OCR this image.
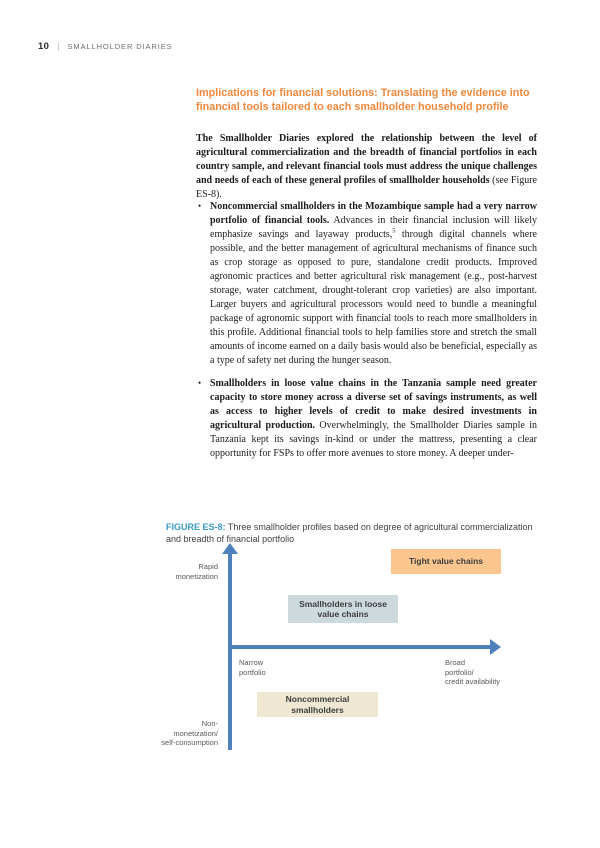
10 | SMALLHOLDER DIARIES
Implications for financial solutions: Translating the evidence into financial tools tailored to each smallholder household profile

The Smallholder Diaries explored the relationship between the level of agricultural commercialization and the breadth of financial portfolios in each country sample, and relevant financial tools must address the unique challenges and needs of each of these general profiles of smallholder households (see Figure ES-8).

• Noncommercial smallholders in the Mozambique sample had a very narrow portfolio of financial tools. Advances in their financial inclusion will likely emphasize savings and layaway products,$^5$ through digital channels where possible, and the better management of agricultural mechanisms of finance such as crop storage as opposed to pure, standalone credit products. Improved agronomic practices and better agricultural risk management (e.g., post-harvest storage, water catchment, drought-tolerant crop varieties) are also important. Larger buyers and agricultural processors would need to bundle a meaningful package of agronomic support with financial tools to reach more smallholders in this profile. Additional financial tools to help families store and stretch the small amounts of income earned on a daily basis would also be beneficial, especially as a type of safety net during the hunger season.
• Smallholders in loose value chains in the Tanzania sample need greater capacity to store money across a diverse set of savings instruments, as well as access to higher levels of credit to make desired investments in agricultural production. Overwhelmingly, the Smallholder Diaries sample in Tanzania kept its savings in-kind or under the mattress, presenting a clear opportunity for FSPs to offer more avenues to store money. A deeper under-

FIGURE ES-8: Three smallholder profiles based on degree of agricultural commercialization and breadth of financial portfolio

Rapid
monetization
Non-
monetization/
self-consumption
Narrow
portfolio
Broad
portfolio/
credit availability
Tight value chains
Smallholders in loose value chains
Noncommercial smallholders
